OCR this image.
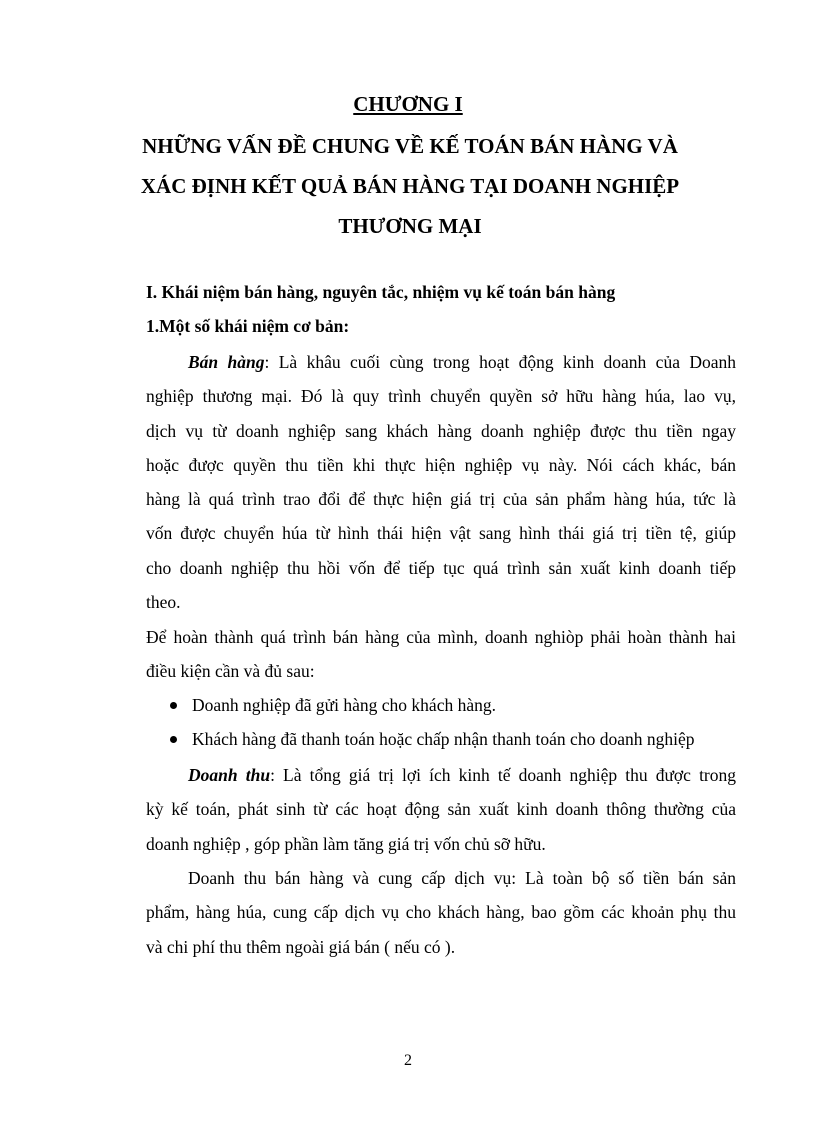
CHƯƠNG I
NHỮNG VẤN ĐỀ CHUNG VỀ KẾ TOÁN BÁN HÀNG VÀ
XÁC ĐỊNH KẾT QUẢ BÁN HÀNG TẠI DOANH NGHIỆP
THƯƠNG MẠI
I. Khái niệm bán hàng, nguyên tắc, nhiệm vụ kế toán bán hàng
1.Một số khái niệm cơ bản:
Bán hàng: Là khâu cuối cùng trong hoạt động kinh doanh của Doanh
nghiệp thương mại. Đó là quy trình chuyển quyền sở hữu hàng húa, lao vụ,
dịch vụ từ doanh nghiệp sang khách hàng doanh nghiệp được thu tiền ngay
hoặc được quyền thu tiền khi thực hiện nghiệp vụ này. Nói cách khác, bán
hàng là quá trình trao đổi để thực hiện giá trị của sản phẩm hàng húa, tức là
vốn được chuyển húa từ hình thái hiện vật sang hình thái giá trị tiền tệ, giúp
cho doanh nghiệp thu hồi vốn để tiếp tục quá trình sản xuất kinh doanh tiếp
theo.
Để hoàn thành quá trình bán hàng của mình, doanh nghiòp phải hoàn thành hai
điều kiện cần và đủ sau:
Doanh nghiệp đã gửi hàng cho khách hàng.
Khách hàng đã thanh toán hoặc chấp nhận thanh toán cho doanh nghiệp
Doanh thu: Là tổng giá trị lợi ích kinh tế doanh nghiệp thu được trong
kỳ kế toán, phát sinh từ các hoạt động sản xuất kinh doanh thông thường của
doanh nghiệp , góp phần làm tăng giá trị vốn chủ sỡ hữu.
Doanh thu bán hàng và cung cấp dịch vụ: Là toàn bộ số tiền bán sản
phẩm, hàng húa, cung cấp dịch vụ cho khách hàng, bao gồm các khoản phụ thu
và chi phí thu thêm ngoài giá bán ( nếu có ).
2
